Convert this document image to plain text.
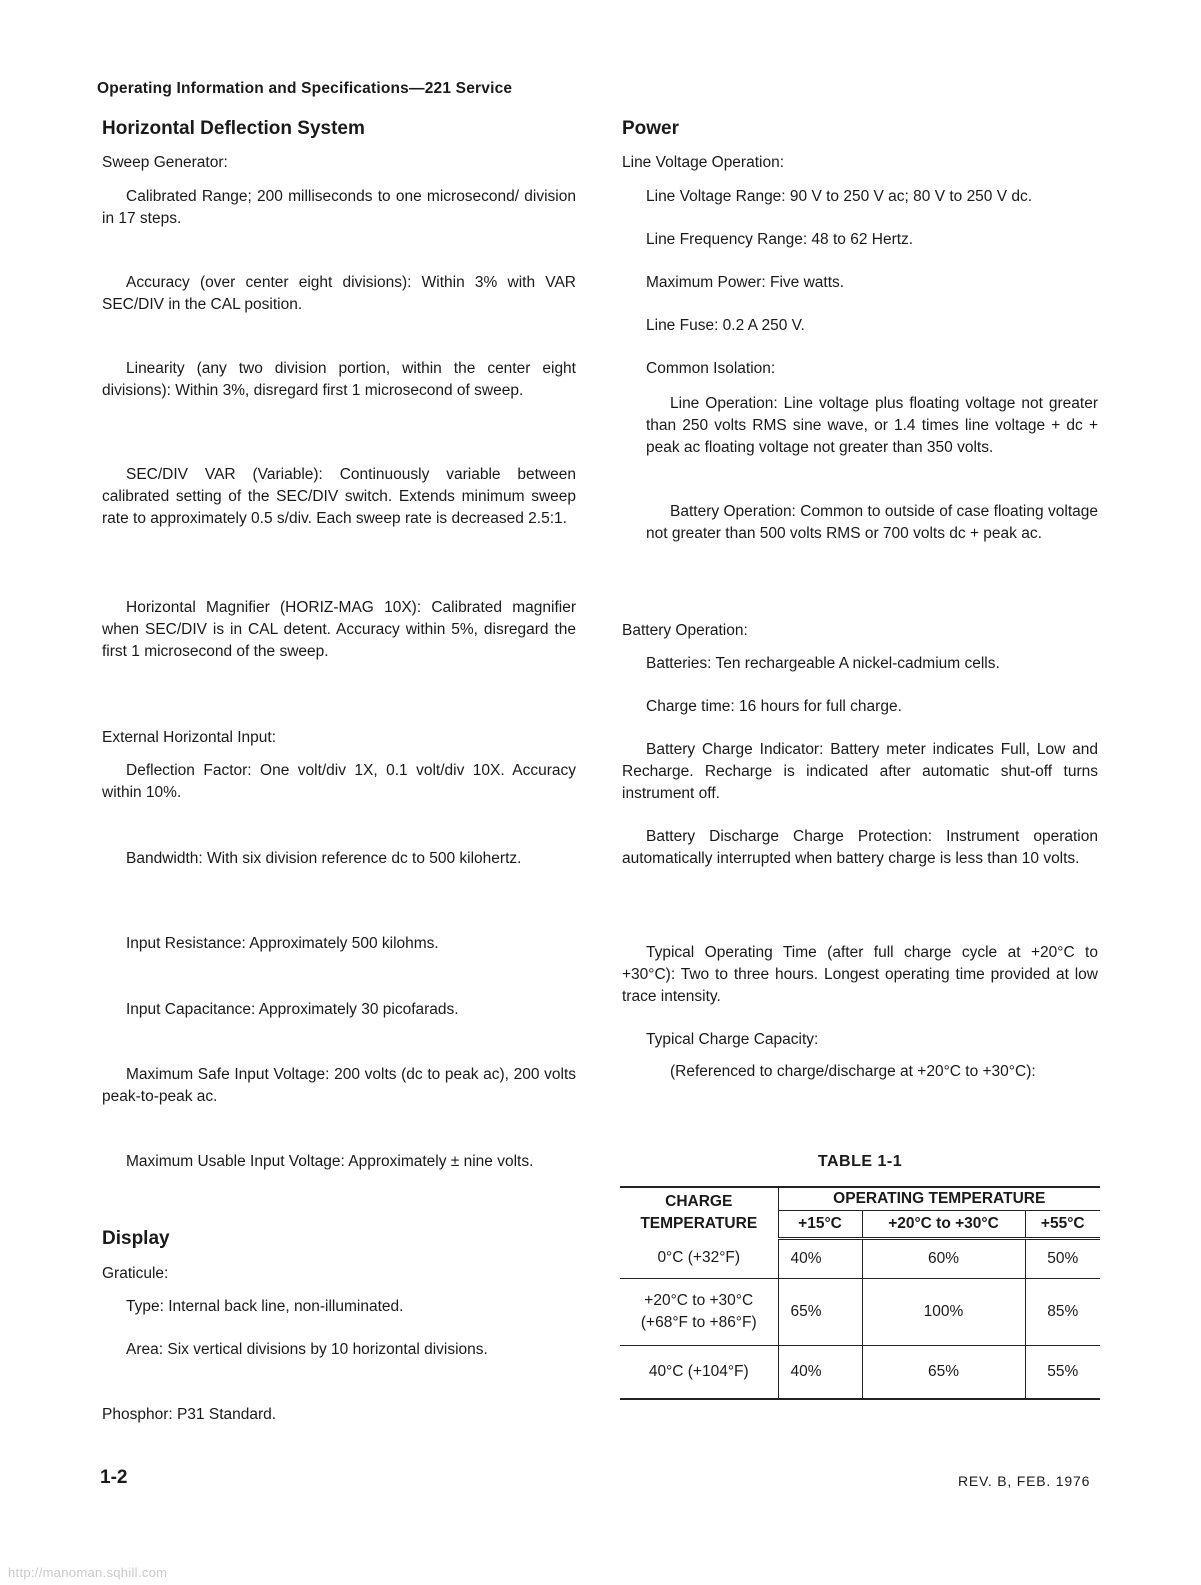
Operating Information and Specifications—221 Service
Horizontal Deflection System

Sweep Generator:

Calibrated Range; 200 milliseconds to one microsecond/ division in 17 steps.

Accuracy (over center eight divisions): Within 3% with VAR SEC/DIV in the CAL position.

Linearity (any two division portion, within the center eight divisions): Within 3%, disregard first 1 microsecond of sweep.

SEC/DIV VAR (Variable): Continuously variable between calibrated setting of the SEC/DIV switch. Extends minimum sweep rate to approximately 0.5 s/div. Each sweep rate is decreased 2.5:1.

Horizontal Magnifier (HORIZ-MAG 10X): Calibrated magnifier when SEC/DIV is in CAL detent. Accuracy within 5%, disregard the first 1 microsecond of the sweep.

External Horizontal Input:

Deflection Factor: One volt/div 1X, 0.1 volt/div 10X. Accuracy within 10%.

Bandwidth: With six division reference dc to 500 kilohertz.

Input Resistance: Approximately 500 kilohms.

Input Capacitance: Approximately 30 picofarads.

Maximum Safe Input Voltage: 200 volts (dc to peak ac), 200 volts peak-to-peak ac.

Maximum Usable Input Voltage: Approximately ± nine volts.

Display

Graticule:

Type: Internal back line, non-illuminated.

Area: Six vertical divisions by 10 horizontal divisions.

Phosphor: P31 Standard.

Power

Line Voltage Operation:

Line Voltage Range: 90 V to 250 V ac; 80 V to 250 V dc.

Line Frequency Range: 48 to 62 Hertz.

Maximum Power: Five watts.

Line Fuse: 0.2 A 250 V.

Common Isolation:

Line Operation: Line voltage plus floating voltage not greater than 250 volts RMS sine wave, or 1.4 times line voltage + dc + peak ac floating voltage not greater than 350 volts.

Battery Operation: Common to outside of case floating voltage not greater than 500 volts RMS or 700 volts dc + peak ac.

Battery Operation:

Batteries: Ten rechargeable A nickel-cadmium cells.

Charge time: 16 hours for full charge.

Battery Charge Indicator: Battery meter indicates Full, Low and Recharge. Recharge is indicated after automatic shut-off turns instrument off.

Battery Discharge Charge Protection: Instrument operation automatically interrupted when battery charge is less than 10 volts.

Typical Operating Time (after full charge cycle at +20°C to +30°C): Two to three hours. Longest operating time provided at low trace intensity.

Typical Charge Capacity:

(Referenced to charge/discharge at +20°C to +30°C):

TABLE 1-1
CHARGE
TEMPERATURE	OPERATING TEMPERATURE		
	+15°C	+20°C to +30°C	+55°C
0°C (+32°F)	40%	60%	50%

+20°C to +30°C
(+68°F to +86°F)	65%	100%	85%
40°C (+104°F)	40%	65%	55%
1-2	REV. B, FEB. 1976
http://manoman.sqhill.com
